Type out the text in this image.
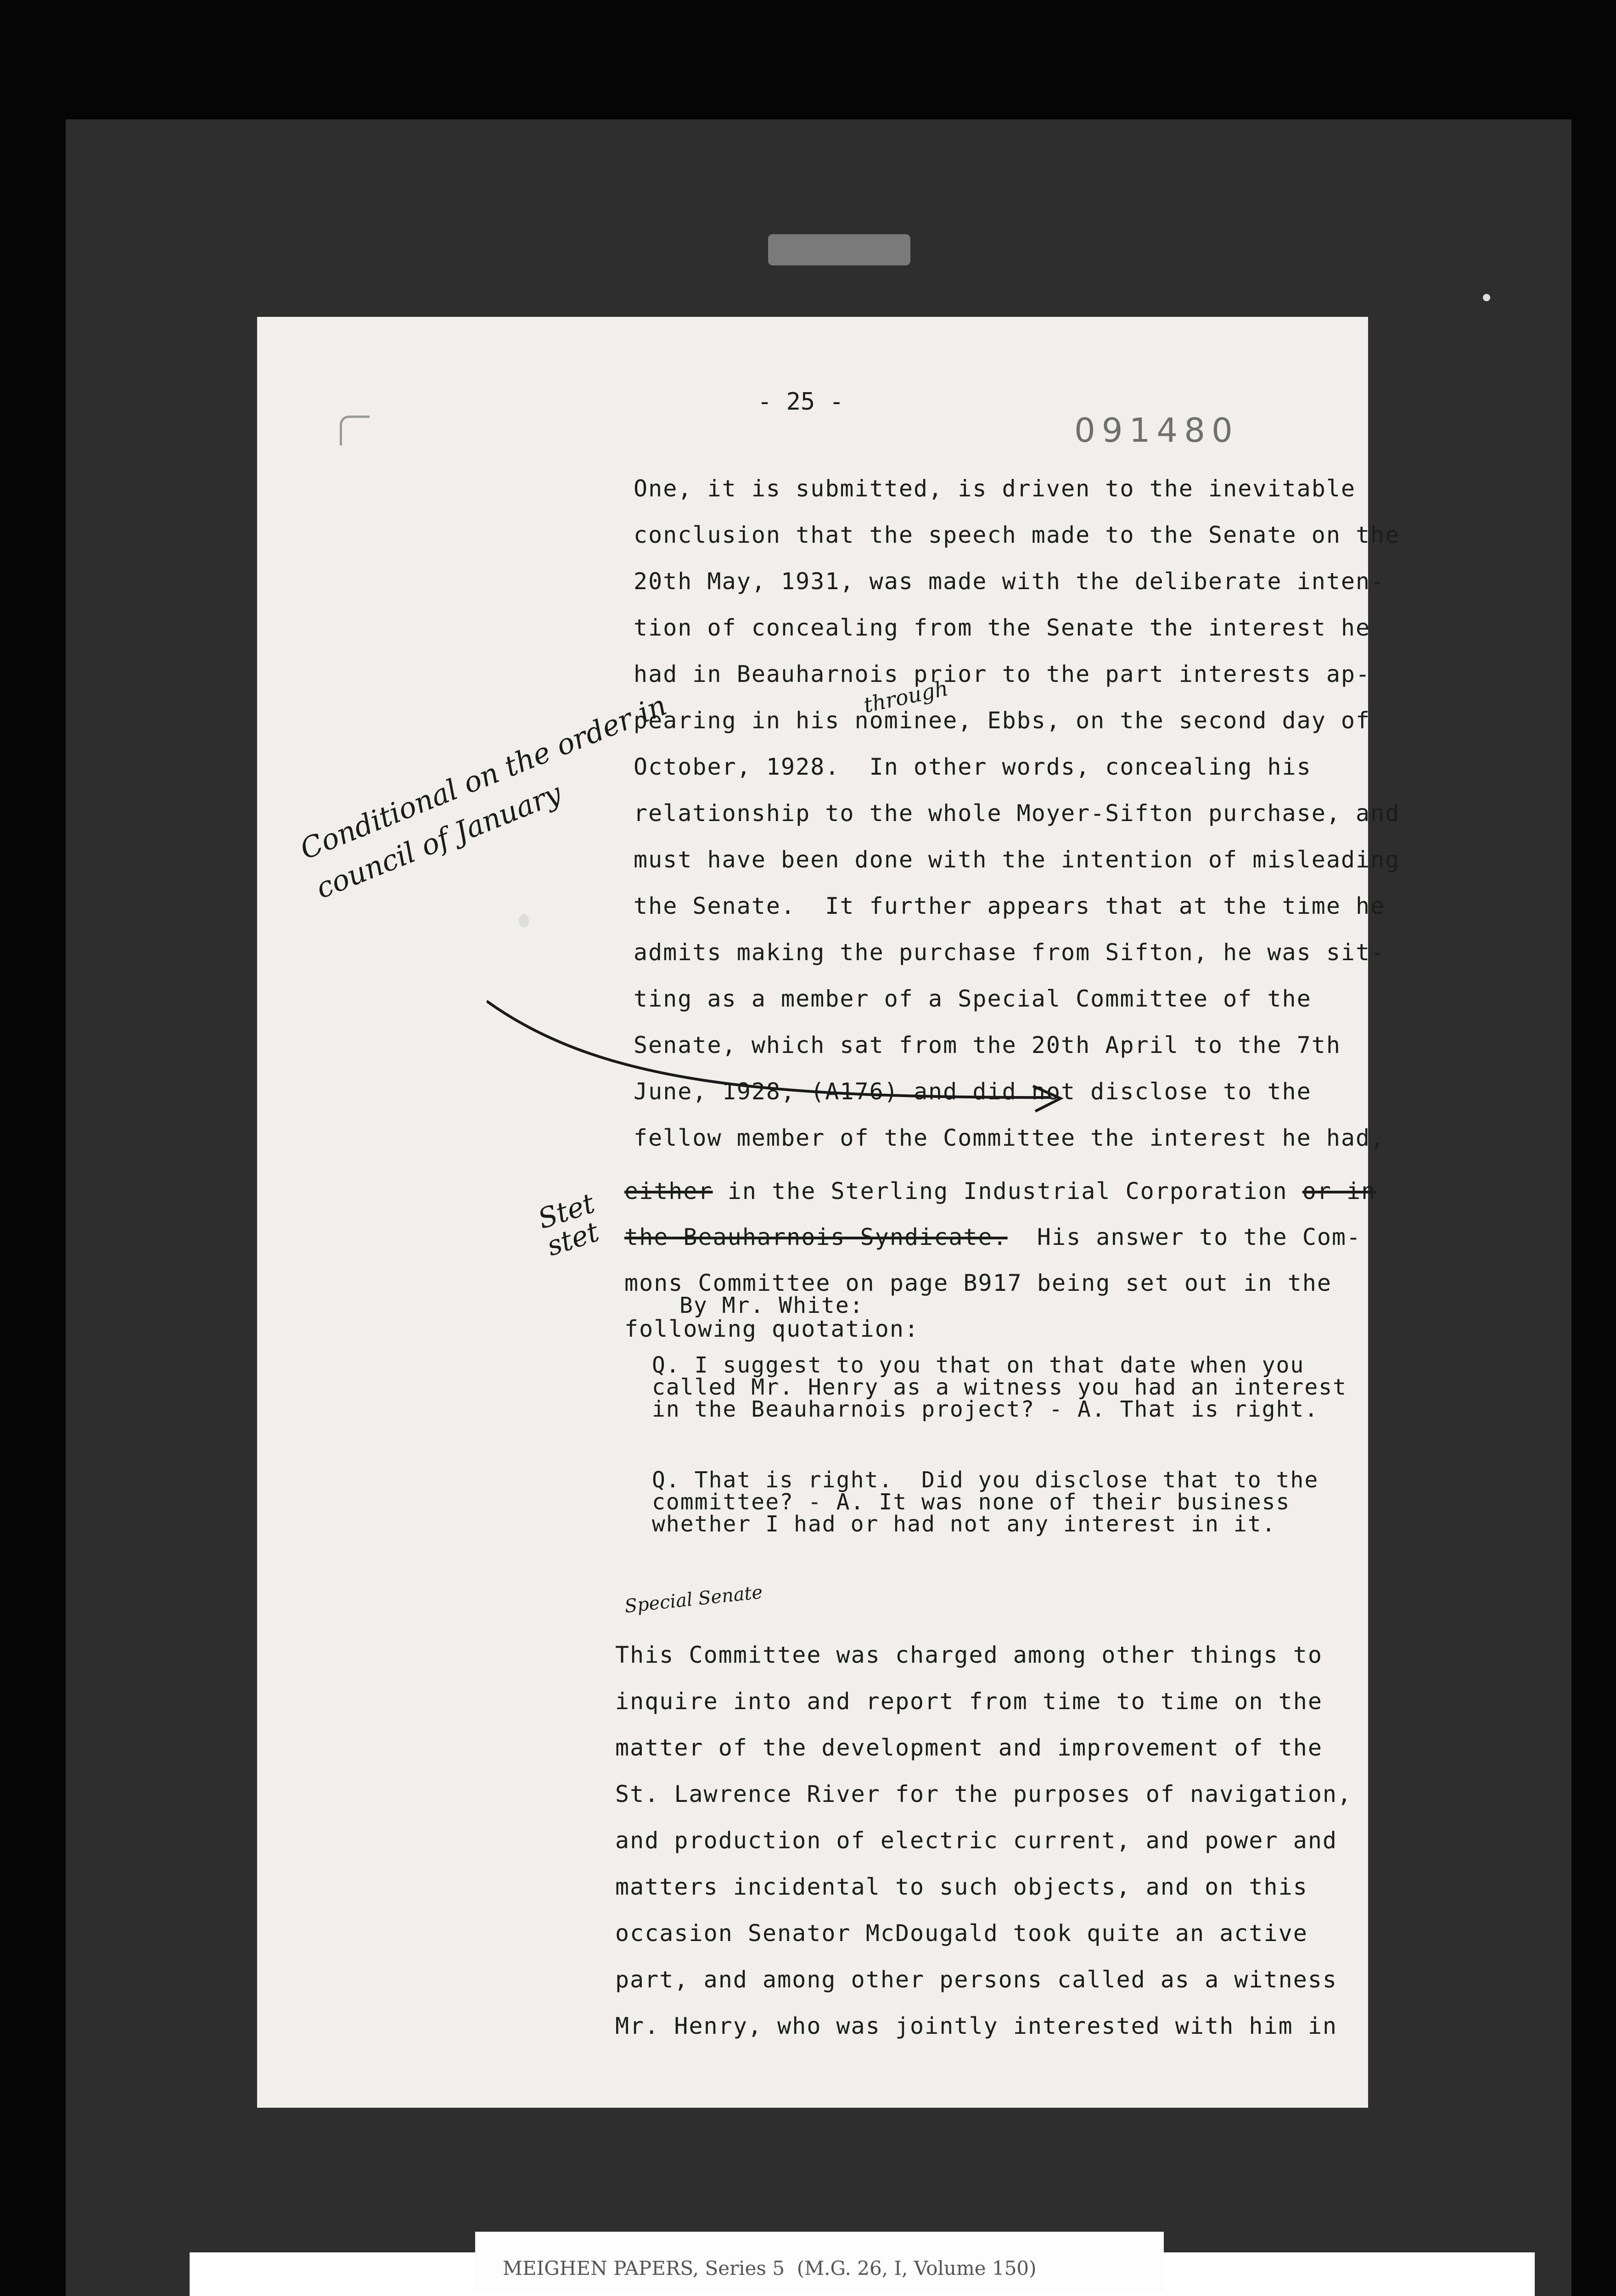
- 25 -
091480
One, it is submitted, is driven to the inevitable
conclusion that the speech made to the Senate on the
20th May, 1931, was made with the deliberate inten-
tion of concealing from the Senate the interest he
had in Beauharnois prior to the part interests ap-
pearing in his nominee, Ebbs, on the second day of
October, 1928.  In other words, concealing his
relationship to the whole Moyer-Sifton purchase, and
must have been done with the intention of misleading
the Senate.  It further appears that at the time he
admits making the purchase from Sifton, he was sit-
ting as a member of a Special Committee of the
Senate, which sat from the 20th April to the 7th
June, 1928, (A176) and did not disclose to the
fellow member of the Committee the interest he had,
either in the Sterling Industrial Corporation or in
the Beauharnois Syndicate.  His answer to the Com-
mons Committee on page B917 being set out in the
following quotation:
By Mr. White:
Q. I suggest to you that on that date when you
called Mr. Henry as a witness you had an interest
in the Beauharnois project? - A. That is right.
Q. That is right.  Did you disclose that to the
committee? - A. It was none of their business
whether I had or had not any interest in it.
This Committee was charged among other things to
inquire into and report from time to time on the
matter of the development and improvement of the
St. Lawrence River for the purposes of navigation,
and production of electric current, and power and
matters incidental to such objects, and on this
occasion Senator McDougald took quite an active
part, and among other persons called as a witness
Mr. Henry, who was jointly interested with him in
Conditional on the order in council of January
through
Stet stet
Special Senate
MEIGHEN PAPERS, Series 5  (M.G. 26, I, Volume 150)
